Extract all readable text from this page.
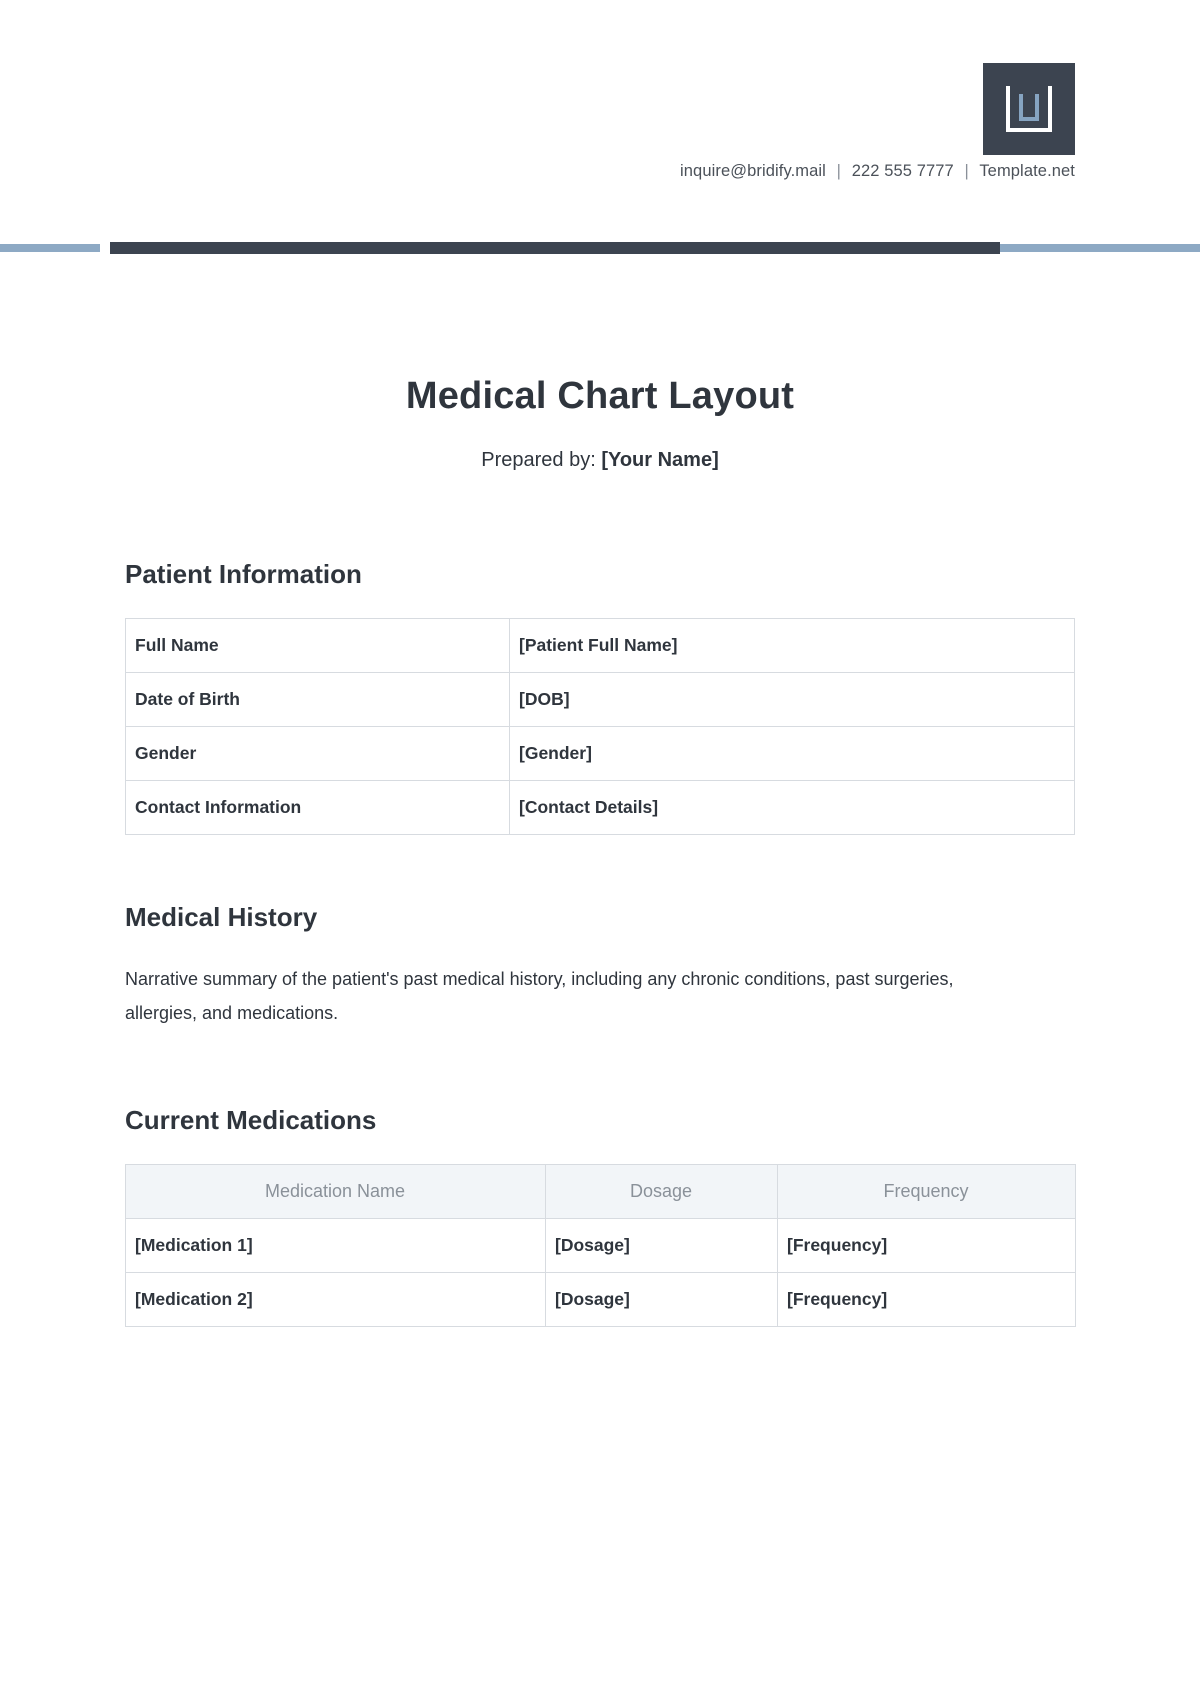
inquire@bridify.mail | 222 555 7777 | Template.net
Medical Chart Layout
Prepared by: [Your Name]
Patient Information
Full Name	[Patient Full Name]
Date of Birth	[DOB]
Gender	[Gender]
Contact Information	[Contact Details]
Medical History

Narrative summary of the patient's past medical history, including any chronic conditions, past surgeries, allergies, and medications.

Current Medications
Medication Name	Dosage	Frequency
[Medication 1]	[Dosage]	[Frequency]
[Medication 2]	[Dosage]	[Frequency]
